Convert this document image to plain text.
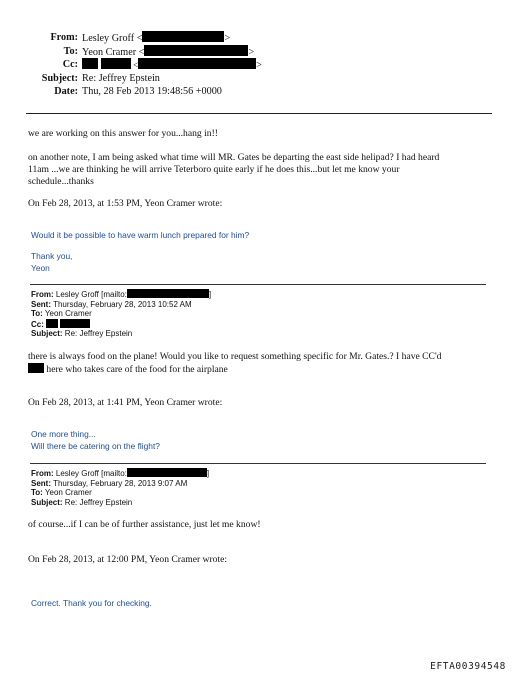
From: Lesley Groff <	>
To: Yeon Cramer <	>
Cc:	<	>
Subject: Re: Jeffrey Epstein
Date: Thu, 28 Feb 2013 19:48:56 +0000
we are working on this answer for you...hang in!!
on another note, I am being asked what time will MR. Gates be departing the east side helipad? I had heard
11am ...we are thinking he will arrive Teterboro quite early if he does this...but let me know your
schedule...thanks
On Feb 28, 2013, at 1:53 PM, Yeon Cramer wrote:
Would it be possible to have warm lunch prepared for him?
Thank you,
Yeon
From: Lesley Groff [mailto:	]
Sent: Thursday, February 28, 2013 10:52 AM
To: Yeon Cramer
Cc:
Subject: Re: Jeffrey Epstein
there is always food on the plane! Would you like to request something specific for Mr. Gates.? I have CC'd
here who takes care of the food for the airplane
On Feb 28, 2013, at 1:41 PM, Yeon Cramer wrote:
One more thing...
Will there be catering on the flight?
From: Lesley Groff [mailto:	]
Sent: Thursday, February 28, 2013 9:07 AM
To: Yeon Cramer
Subject: Re: Jeffrey Epstein
of course...if I can be of further assistance, just let me know!
On Feb 28, 2013, at 12:00 PM, Yeon Cramer wrote:
Correct. Thank you for checking.
EFTA00394548
